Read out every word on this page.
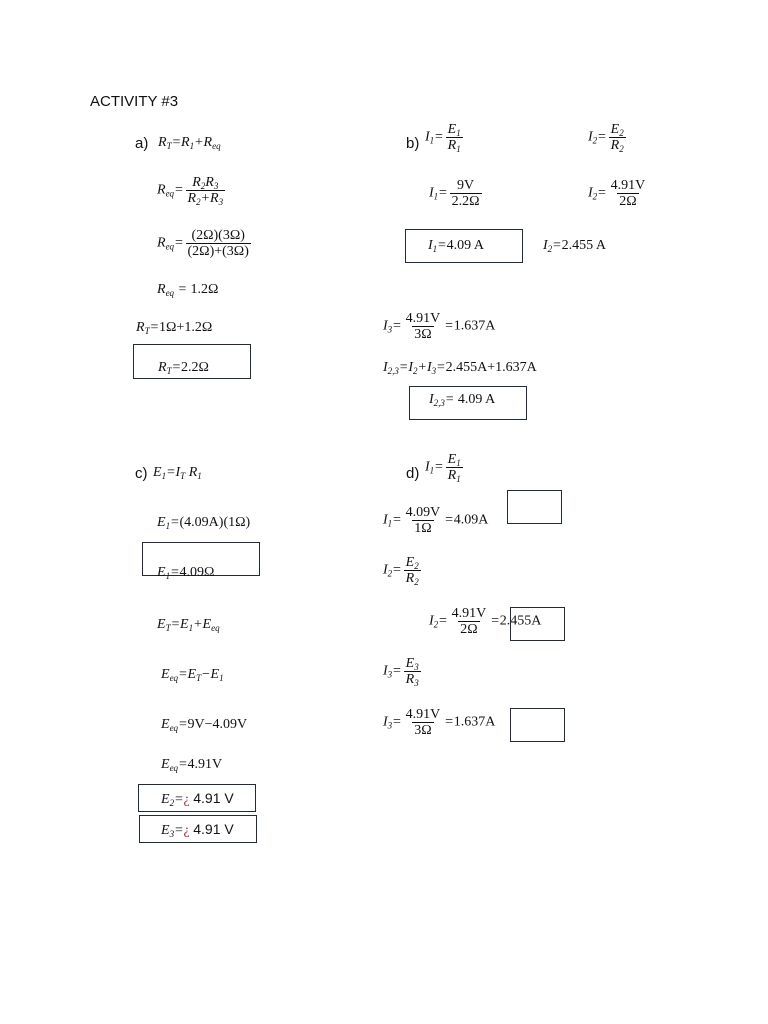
ACTIVITY #3
a) $R_T=R_1+R_{eq}$
$R_{eq}= \frac{R_2R_3}{R_2+R_3}$
$R_{eq}= \frac{(2\Omega)(3\Omega)}{(2\Omega)+(3\Omega)}$
$R_{eq} = 1.2\Omega$
$R_T=1\Omega+1.2\Omega$
$R_T=2.2\Omega$
b) $I_1= \frac{E_1}{R_1}$	$I_2= \frac{E_2}{R_2}$
$I_1= \frac{9V}{2.2\Omega}$	$I_2= \frac{4.91V}{2\Omega}$
$I_1=4.09$ A	$I_2=2.455$ A
$I_3= \frac{4.91V}{3\Omega} =1.637A$
$I_{2,3}=I_2+I_3=2.455A+1.637A$
$I_{2,3}= 4.09$ A
c) $E_1=I_T$ $R_1$
$E_1=(4.09A)(1\Omega)$
$E_1=4.09\Omega$
$E_T=E_1+E_{eq}$
$E_{eq}=E_T-E_1$
$E_{eq}=9V-4.09V$
$E_{eq}=4.91V$
$E_2=¿$ 4.91 V
$E_3=¿$ 4.91 V
d) $I_1= \frac{E_1}{R_1}$
$I_1= \frac{4.09V}{1\Omega} =4.09A$
$I_2= \frac{E_2}{R_2}$
$I_2= \frac{4.91V}{2\Omega} =2.455A$
$I_3= \frac{E_3}{R_3}$
$I_3= \frac{4.91V}{3\Omega} =1.637A$
